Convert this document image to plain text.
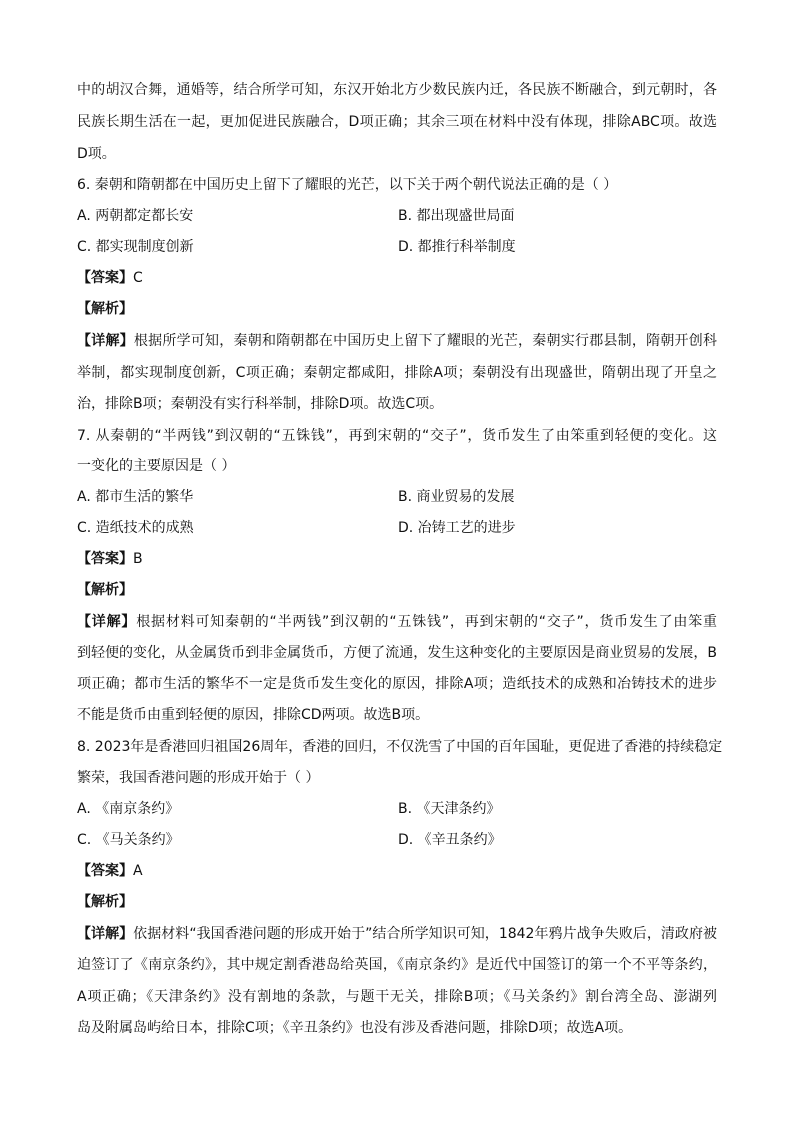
中的胡汉合舞，通婚等，结合所学可知，东汉开始北方少数民族内迁，各民族不断融合，到元朝时，各
民族长期生活在一起，更加促进民族融合，D项正确；其余三项在材料中没有体现，排除ABC项。故选
D项。
6. 秦朝和隋朝都在中国历史上留下了耀眼的光芒，以下关于两个朝代说法正确的是（ ）
A. 两朝都定都长安	B. 都出现盛世局面
C. 都实现制度创新	D. 都推行科举制度
【答案】C
【解析】
【详解】根据所学可知，秦朝和隋朝都在中国历史上留下了耀眼的光芒，秦朝实行郡县制，隋朝开创科
举制，都实现制度创新，C项正确；秦朝定都咸阳，排除A项；秦朝没有出现盛世，隋朝出现了开皇之
治，排除B项；秦朝没有实行科举制，排除D项。故选C项。
7. 从秦朝的“半两钱”到汉朝的“五铢钱”，再到宋朝的“交子”，货币发生了由笨重到轻便的变化。这
一变化的主要原因是（ ）
A. 都市生活的繁华	B. 商业贸易的发展
C. 造纸技术的成熟	D. 冶铸工艺的进步
【答案】B
【解析】
【详解】根据材料可知秦朝的“半两钱”到汉朝的“五铢钱”，再到宋朝的“交子”，货币发生了由笨重
到轻便的变化，从金属货币到非金属货币，方便了流通，发生这种变化的主要原因是商业贸易的发展，B
项正确；都市生活的繁华不一定是货币发生变化的原因，排除A项；造纸技术的成熟和冶铸技术的进步
不能是货币由重到轻便的原因，排除CD两项。故选B项。
8. 2023年是香港回归祖国26周年，香港的回归，不仅洗雪了中国的百年国耻，更促进了香港的持续稳定
繁荣，我国香港问题的形成开始于（ ）
A. 《南京条约》	B. 《天津条约》
C. 《马关条约》	D. 《辛丑条约》
【答案】A
【解析】
【详解】依据材料“我国香港问题的形成开始于”结合所学知识可知，1842年鸦片战争失败后，清政府被
迫签订了《南京条约》，其中规定割香港岛给英国，《南京条约》是近代中国签订的第一个不平等条约，
A项正确；《天津条约》没有割地的条款，与题干无关，排除B项；《马关条约》割台湾全岛、澎湖列
岛及附属岛屿给日本，排除C项；《辛丑条约》也没有涉及香港问题，排除D项；故选A项。
